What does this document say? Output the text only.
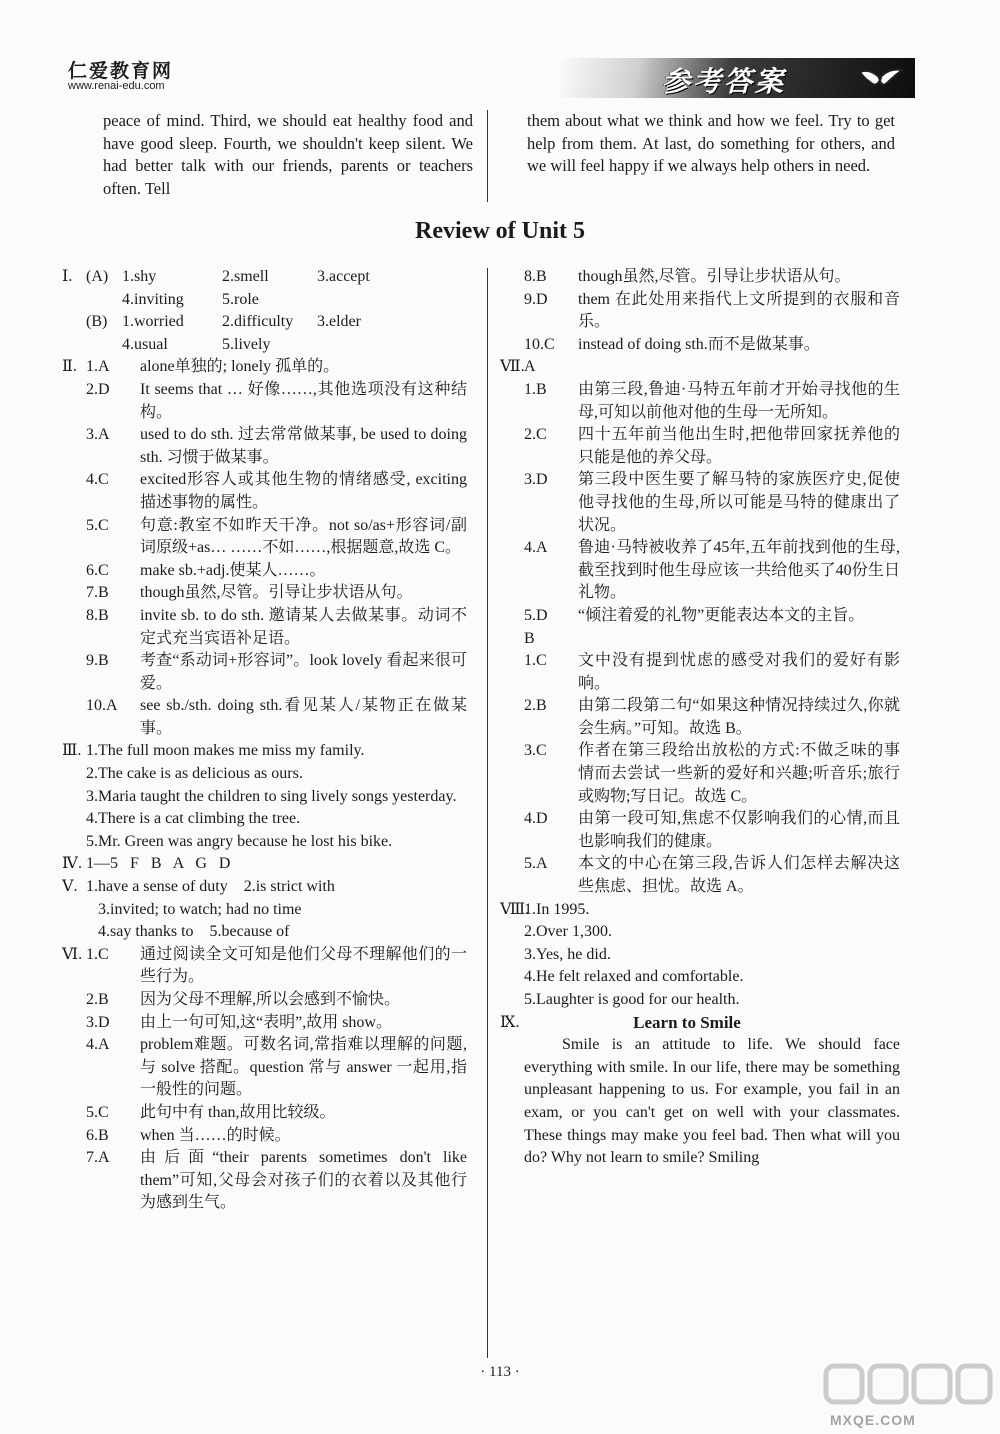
仁爱教育网
www.renai-edu.com	参考答案
peace of mind. Third, we should eat healthy food and have good sleep. Fourth, we shouldn't keep silent. We had better talk with our friends, parents or teachers often. Tell
them about what we think and how we feel. Try to get help from them. At last, do something for others, and we will feel happy if we always help others in need.
Review of Unit 5
Ⅰ. (A) 1.shy	2.smell	3.accept
4.inviting	5.role
(B) 1.worried	2.difficulty	3.elder
4.usual	5.lively
Ⅱ. 1.A	alone单独的; lonely 孤单的。
2.D	It seems that … 好像……,其他选项没有这种结构。
3.A	used to do sth. 过去常常做某事, be used to doing sth. 习惯于做某事。
4.C	excited形容人或其他生物的情绪感受, exciting 描述事物的属性。
5.C	句意:教室不如昨天干净。not so/as+形容词/副词原级+as… ……不如……,根据题意,故选 C。
6.C	make sb.+adj.使某人……。
7.B	though虽然,尽管。引导让步状语从句。
8.B	invite sb. to do sth. 邀请某人去做某事。动词不定式充当宾语补足语。
9.B	考查“系动词+形容词”。look lovely 看起来很可爱。
10.A	see sb./sth. doing sth.看见某人/某物正在做某事。
Ⅲ. 1.The full moon makes me miss my family.
2.The cake is as delicious as ours.
3.Maria taught the children to sing lively songs yesterday.
4.There is a cat climbing the tree.
5.Mr. Green was angry because he lost his bike.
Ⅳ. 1—5   F   B   A   G   D
Ⅴ. 1.have a sense of duty    2.is strict with
3.invited; to watch; had no time
4.say thanks to    5.because of
Ⅵ. 1.C	通过阅读全文可知是他们父母不理解他们的一些行为。
2.B	因为父母不理解,所以会感到不愉快。
3.D	由上一句可知,这“表明”,故用 show。
4.A	problem难题。可数名词,常指难以理解的问题,与 solve 搭配。question 常与 answer 一起用,指一般性的问题。
5.C	此句中有 than,故用比较级。
6.B	when 当……的时候。
7.A	由后面“their parents sometimes don't like them”可知,父母会对孩子们的衣着以及其他行为感到生气。
8.B	though虽然,尽管。引导让步状语从句。
9.D	them 在此处用来指代上文所提到的衣服和音乐。
10.C	instead of doing sth.而不是做某事。
Ⅶ. A
1.B	由第三段,鲁迪·马特五年前才开始寻找他的生母,可知以前他对他的生母一无所知。
2.C	四十五年前当他出生时,把他带回家抚养他的只能是他的养父母。
3.D	第三段中医生要了解马特的家族医疗史,促使他寻找他的生母,所以可能是马特的健康出了状况。
4.A	鲁迪·马特被收养了45年,五年前找到他的生母,截至找到时他生母应该一共给他买了40份生日礼物。
5.D	“倾注着爱的礼物”更能表达本文的主旨。
B
1.C	文中没有提到忧虑的感受对我们的爱好有影响。
2.B	由第二段第二句“如果这种情况持续过久,你就会生病。”可知。故选 B。
3.C	作者在第三段给出放松的方式:不做乏味的事情而去尝试一些新的爱好和兴趣;听音乐;旅行或购物;写日记。故选 C。
4.D	由第一段可知,焦虑不仅影响我们的心情,而且也影响我们的健康。
5.A	本文的中心在第三段,告诉人们怎样去解决这些焦虑、担忧。故选 A。
Ⅷ.
1.In 1995.
2.Over 1,300.
3.Yes, he did.
4.He felt relaxed and comfortable.
5.Laughter is good for our health.
Ⅸ.	Learn to Smile
Smile is an attitude to life. We should face everything with smile. In our life, there may be something unpleasant happening to us. For example, you fail in an exam, or you can't get on well with your classmates. These things may make you feel bad. Then what will you do? Why not learn to smile? Smiling
· 113 ·
MXQE.COM
